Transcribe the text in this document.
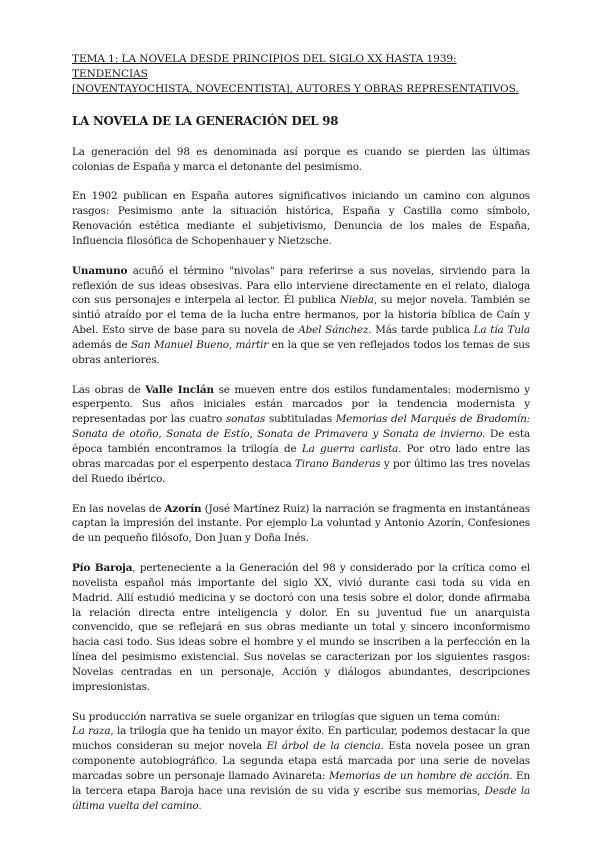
TEMA 1: LA NOVELA DESDE PRINCIPIOS DEL SIGLO XX HASTA 1939: TENDENCIAS
[NOVENTAYOCHISTA, NOVECENTISTA], AUTORES Y OBRAS REPRESENTATIVOS.
LA NOVELA DE LA GENERACIÓN DEL 98

La generación del 98 es denominada así porque es cuando se pierden las últimas colonias de España y marca el detonante del pesimismo.

En 1902 publican en España autores significativos iniciando un camino con algunos rasgos: Pesimismo ante la situación histórica, España y Castilla como símbolo, Renovación estética mediante el subjetivismo, Denuncia de los males de España, Influencia filosófica de Schopenhauer y Nietzsche.

Unamuno acuñó el término "nivolas" para referirse a sus novelas, sirviendo para la reflexión de sus ideas obsesivas. Para ello interviene directamente en el relato, dialoga con sus personajes e interpela al lector. Él publica Niebla, su mejor novela. También se sintió atraído por el tema de la lucha entre hermanos, por la historia bíblica de Caín y Abel. Esto sirve de base para su novela de Abel Sánchez. Más tarde publica La tía Tula además de San Manuel Bueno, mártir en la que se ven reflejados todos los temas de sus obras anteriores.

Las obras de Valle Inclán se mueven entre dos estilos fundamentales: modernismo y esperpento. Sus años iniciales están marcados por la tendencia modernista y representadas por las cuatro sonatas subtituladas Memorias del Marqués de Bradomín: Sonata de otoño, Sonata de Estío, Sonata de Primavera y Sonata de invierno. De esta época también encontramos la trilogía de La guerra carlista. Por otro lado entre las obras marcadas por el esperpento destaca Tirano Banderas y por último las tres novelas del Ruedo ibérico.

En las novelas de Azorín (José Martínez Ruiz) la narración se fragmenta en instantáneas captan la impresión del instante. Por ejemplo La voluntad y Antonio Azorín, Confesiones de un pequeño filósofo, Don Juan y Doña Inés.

Pío Baroja, perteneciente a la Generación del 98 y considerado por la crítica como el novelista español más importante del siglo XX, vivió durante casi toda su vida en Madrid. Allí estudió medicina y se doctoró con una tesis sobre el dolor, donde afirmaba la relación directa entre inteligencia y dolor. En su juventud fue un anarquista convencido, que se reflejará en sus obras mediante un total y sincero inconformismo hacia casi todo. Sus ideas sobre el hombre y el mundo se inscriben a la perfección en la línea del pesimismo existencial. Sus novelas se caracterizan por los siguientes rasgos: Novelas centradas en un personaje, Acción y diálogos abundantes, descripciones impresionistas.

Su producción narrativa se suele organizar en trilogías que siguen un tema común:

La raza, la trilogía que ha tenido un mayor éxito. En particular, podemos destacar la que muchos consideran su mejor novela El árbol de la ciencia. Esta novela posee un gran componente autobiográfico. La segunda etapa está marcada por una serie de novelas marcadas sobre un personaje llamado Avinareta: Memorias de un hombre de acción. En la tercera etapa Baroja hace una revisión de su vida y escribe sus memorias, Desde la última vuelta del camino.
